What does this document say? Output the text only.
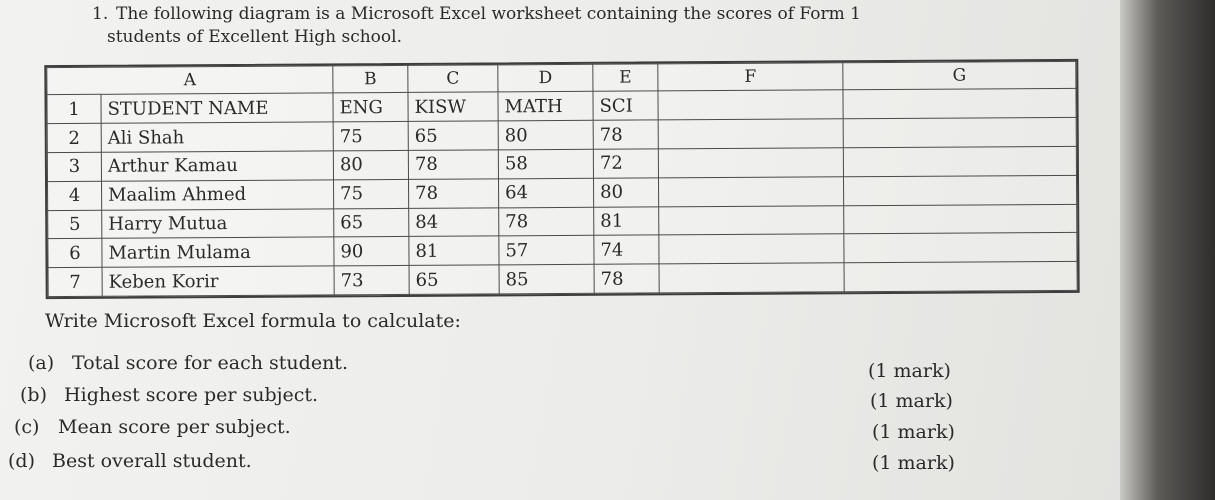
1. The following diagram is a Microsoft Excel worksheet containing the scores of Form 1
students of Excellent High school.
A		B	C	D	E	F	G
1	STUDENT NAME	ENG	KISW	MATH	SCI		
2	Ali Shah	75	65	80	78		
3	Arthur Kamau	80	78	58	72		
4	Maalim Ahmed	75	78	64	80		
5	Harry Mutua	65	84	78	81		
6	Martin Mulama	90	81	57	74		
7	Keben Korir	73	65	85	78		
Write Microsoft Excel formula to calculate:
(a) Total score for each student.	(1 mark)
(b) Highest score per subject.	(1 mark)
(c) Mean score per subject.	(1 mark)
(d) Best overall student.	(1 mark)
